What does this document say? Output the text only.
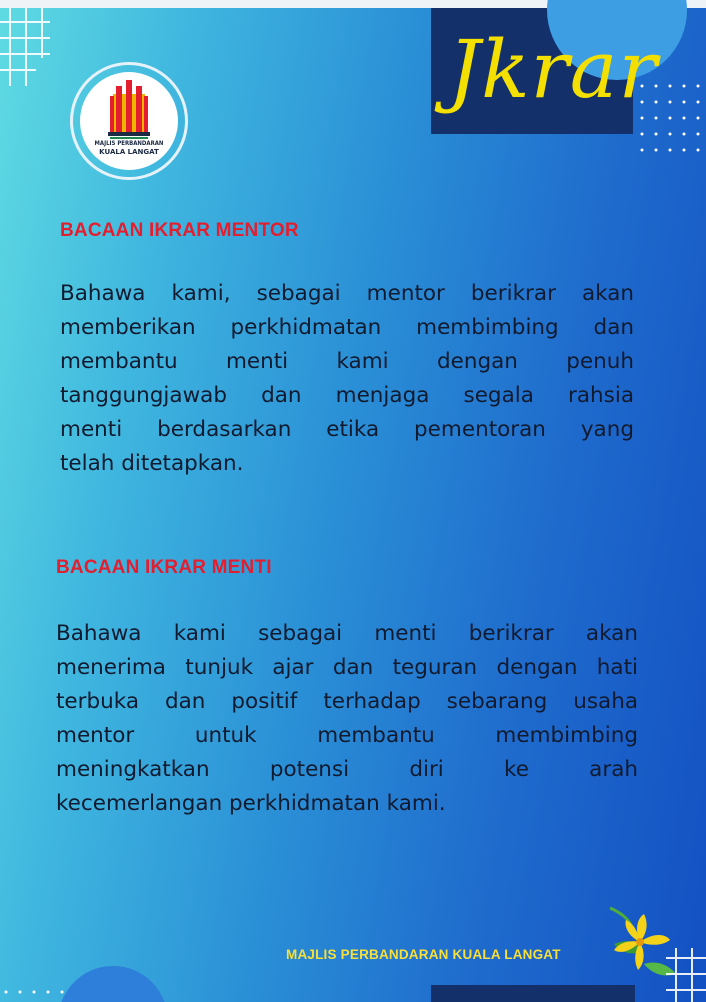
MAJLIS PERBANDARAN
KUALA LANGAT
Jkrar
BACAAN IKRAR MENTOR
Bahawa kami, sebagai mentor berikrar akan
memberikan perkhidmatan membimbing dan
membantu menti kami dengan penuh
tanggungjawab dan menjaga segala rahsia
menti berdasarkan etika pementoran yang
telah ditetapkan.
BACAAN IKRAR MENTI
Bahawa kami sebagai menti berikrar akan
menerima tunjuk ajar dan teguran dengan hati
terbuka dan positif terhadap sebarang usaha
mentor untuk membantu membimbing
meningkatkan potensi diri ke arah
kecemerlangan perkhidmatan kami.
MAJLIS PERBANDARAN KUALA LANGAT
